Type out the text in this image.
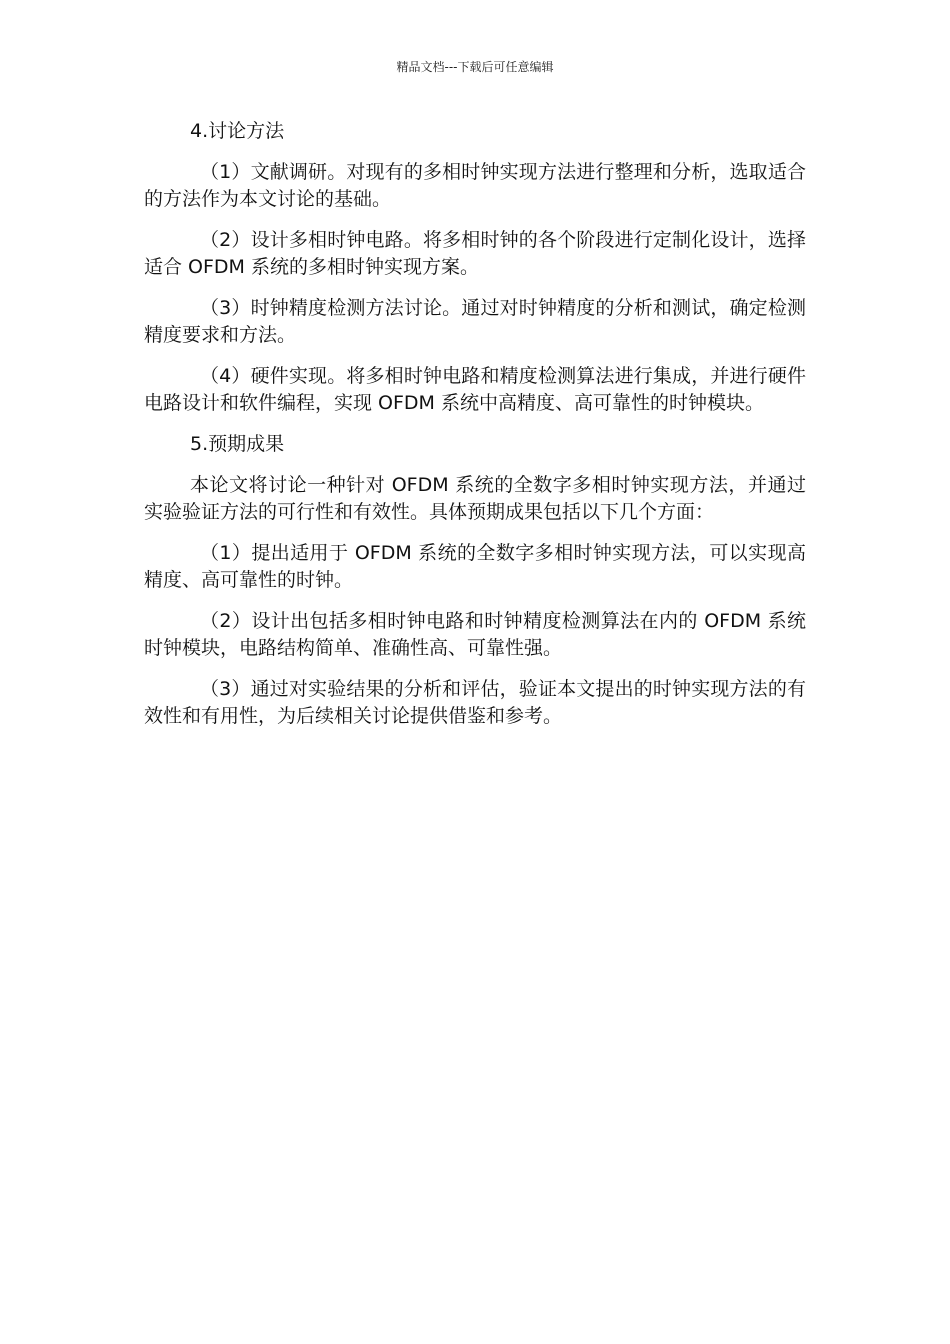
精品文档---下载后可任意编辑

4.讨论方法

（1）文献调研。对现有的多相时钟实现方法进行整理和分析，选取适合的方法作为本文讨论的基础。

（2）设计多相时钟电路。将多相时钟的各个阶段进行定制化设计，选择适合 OFDM 系统的多相时钟实现方案。

（3）时钟精度检测方法讨论。通过对时钟精度的分析和测试，确定检测精度要求和方法。

（4）硬件实现。将多相时钟电路和精度检测算法进行集成，并进行硬件电路设计和软件编程，实现 OFDM 系统中高精度、高可靠性的时钟模块。

5.预期成果

本论文将讨论一种针对 OFDM 系统的全数字多相时钟实现方法，并通过实验验证方法的可行性和有效性。具体预期成果包括以下几个方面：

（1）提出适用于 OFDM 系统的全数字多相时钟实现方法，可以实现高精度、高可靠性的时钟。

（2）设计出包括多相时钟电路和时钟精度检测算法在内的 OFDM 系统时钟模块，电路结构简单、准确性高、可靠性强。

（3）通过对实验结果的分析和评估，验证本文提出的时钟实现方法的有效性和有用性，为后续相关讨论提供借鉴和参考。
